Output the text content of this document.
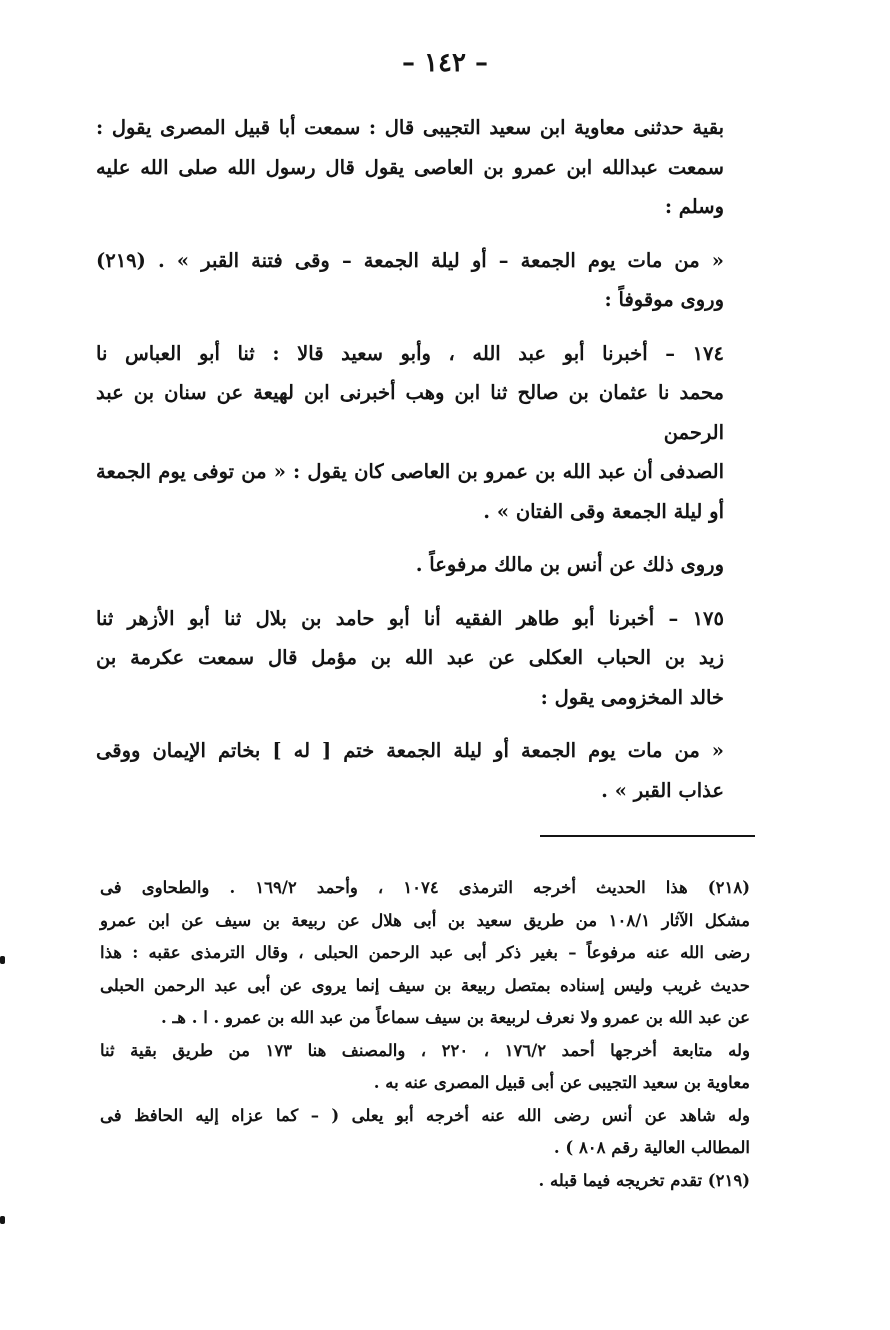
– ١٤٢ –

بقية حدثنى معاوية ابن سعيد التجيبى قال : سمعت أبا قبيل المصرى يقول :
سمعت عبدالله ابن عمرو بن العاصى يقول قال رسول الله صلى الله عليه وسلم :

« من مات يوم الجمعة – أو ليلة الجمعة – وقى فتنة القبر » . (٢١٩)
وروى موقوفاً :

١٧٤ – أخبرنا أبو عبد الله ، وأبو سعيد قالا : ثنا أبو العباس نا
محمد نا عثمان بن صالح ثنا ابن وهب أخبرنى ابن لهيعة عن سنان بن عبد الرحمن
الصدفى أن عبد الله بن عمرو بن العاصى كان يقول : « من توفى يوم الجمعة
أو ليلة الجمعة وقى الفتان » .

وروى ذلك عن أنس بن مالك مرفوعاً .

١٧٥ – أخبرنا أبو طاهر الفقيه أنا أبو حامد بن بلال ثنا أبو الأزهر ثنا
زيد بن الحباب العكلى عن عبد الله بن مؤمل قال سمعت عكرمة بن
خالد المخزومى يقول :

« من مات يوم الجمعة أو ليلة الجمعة ختم [ له ] بخاتم الإيمان ووقى
عذاب القبر » .

(٢١٨) هذا الحديث أخرجه الترمذى ١٠٧٤ ، وأحمد ١٦٩/٢ . والطحاوى فى
مشكل الآثار ١٠٨/١ من طريق سعيد بن أبى هلال عن ربيعة بن سيف عن ابن عمرو
رضى الله عنه مرفوعاً – بغير ذكر أبى عبد الرحمن الحبلى ، وقال الترمذى عقبه : هذا
حديث غريب وليس إسناده بمتصل ربيعة بن سيف إنما يروى عن أبى عبد الرحمن الحبلى
عن عبد الله بن عمرو ولا نعرف لربيعة بن سيف سماعاً من عبد الله بن عمرو . ا . هـ .

وله متابعة أخرجها أحمد ١٧٦/٢ ، ٢٢٠ ، والمصنف هنا ١٧٣ من طريق بقية ثنا
معاوية بن سعيد التجيبى عن أبى قبيل المصرى عنه به .

وله شاهد عن أنس رضى الله عنه أخرجه أبو يعلى ( – كما عزاه إليه الحافظ فى
المطالب العالية رقم ٨٠٨ ) .

(٢١٩) تقدم تخريجه فيما قبله .
